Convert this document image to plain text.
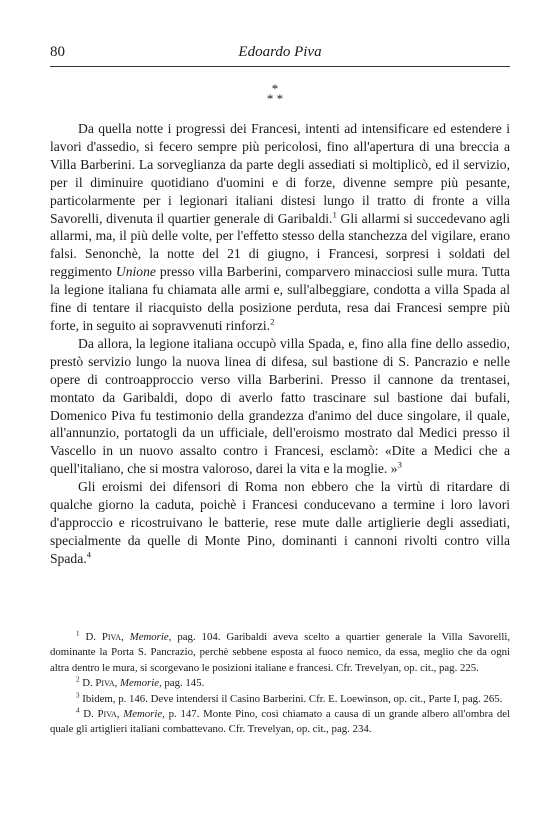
80	Edoardo Piva
*
* *

Da quella notte i progressi dei Francesi, intenti ad intensificare ed estendere i lavori d'assedio, si fecero sempre più pericolosi, fino all'apertura di una breccia a Villa Barberini. La sorveglianza da parte degli assediati si moltiplicò, ed il servizio, per il diminuire quotidiano d'uomini e di forze, divenne sempre più pesante, particolarmente per i legionari italiani distesi lungo il tratto di fronte a villa Savorelli, divenuta il quartier generale di Garibaldi.$^1$ Gli allarmi si succedevano agli allarmi, ma, il più delle volte, per l'effetto stesso della stanchezza del vigilare, erano falsi. Senonchè, la notte del 21 di giugno, i Francesi, sorpresi i soldati del reggimento Unione presso villa Barberini, comparvero minacciosi sulle mura. Tutta la legione italiana fu chiamata alle armi e, sull'albeggiare, condotta a villa Spada al fine di tentare il riacquisto della posizione perduta, resa dai Francesi sempre più forte, in seguito ai sopravvenuti rinforzi.$^2$

Da allora, la legione italiana occupò villa Spada, e, fino alla fine dello assedio, prestò servizio lungo la nuova linea di difesa, sul bastione di S. Pancrazio e nelle opere di controapproccio verso villa Barberini. Presso il cannone da trentasei, montato da Garibaldi, dopo di averlo fatto trascinare sul bastione dai bufali, Domenico Piva fu testimonio della grandezza d'animo del duce singolare, il quale, all'annunzio, portatogli da un ufficiale, dell'eroismo mostrato dal Medici presso il Vascello in un nuovo assalto contro i Francesi, esclamò: «Dite a Medici che a quell'italiano, che si mostra valoroso, darei la vita e la moglie. »$^3$

Gli eroismi dei difensori di Roma non ebbero che la virtù di ritardare di qualche giorno la caduta, poichè i Francesi conducevano a termine i loro lavori d'approccio e ricostruivano le batterie, rese mute dalle artiglierie degli assediati, specialmente da quelle di Monte Pino, dominanti i cannoni rivolti contro villa Spada.$^4$

$^1$ D. Piva, Memorie, pag. 104. Garibaldi aveva scelto a quartier generale la Villa Savorelli, dominante la Porta S. Pancrazio, perchè sebbene esposta al fuoco nemico, da essa, meglio che da ogni altra dentro le mura, si scorgevano le posizioni italiane e francesi. Cfr. Trevelyan, op. cit., pag. 225.

$^2$ D. Piva, Memorie, pag. 145.

$^3$ Ibidem, p. 146. Deve intendersi il Casino Barberini. Cfr. E. Loewinson, op. cit., Parte I, pag. 265.

$^4$ D. Piva, Memorie, p. 147. Monte Pino, così chiamato a causa di un grande albero all'ombra del quale gli artiglieri italiani combattevano. Cfr. Trevelyan, op. cit., pag. 234.
